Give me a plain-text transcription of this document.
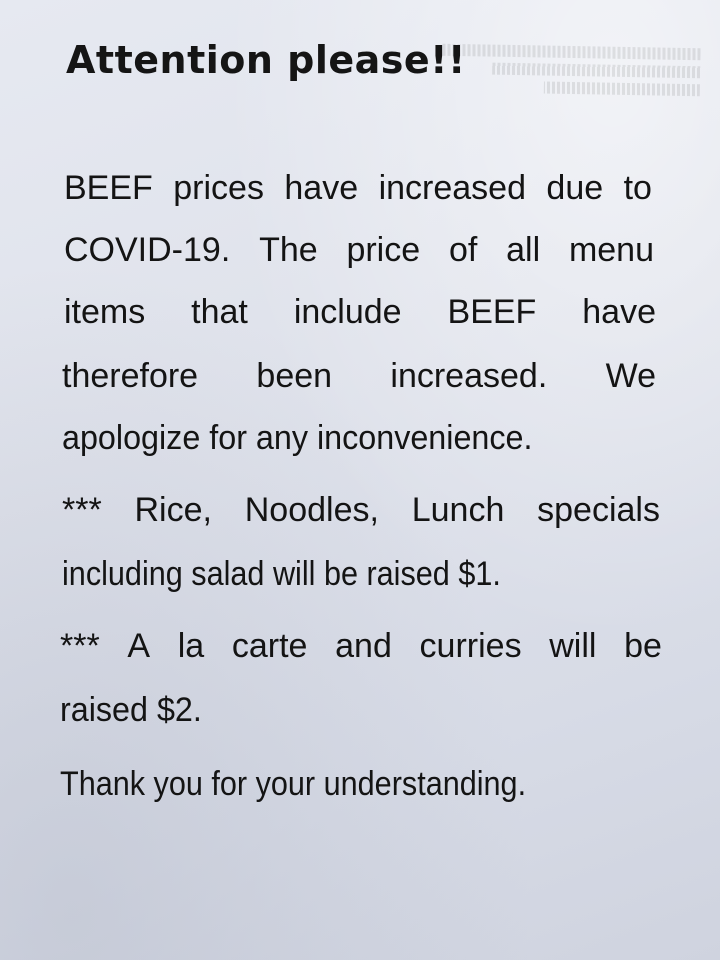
Attention please!!
BEEF prices have increased due to
COVID-19. The price of all menu
items that include BEEF have
therefore been increased. We
apologize for any inconvenience.
*** Rice, Noodles, Lunch specials
including salad will be raised $1.
*** A la carte and curries will be
raised $2.
Thank you for your understanding.
